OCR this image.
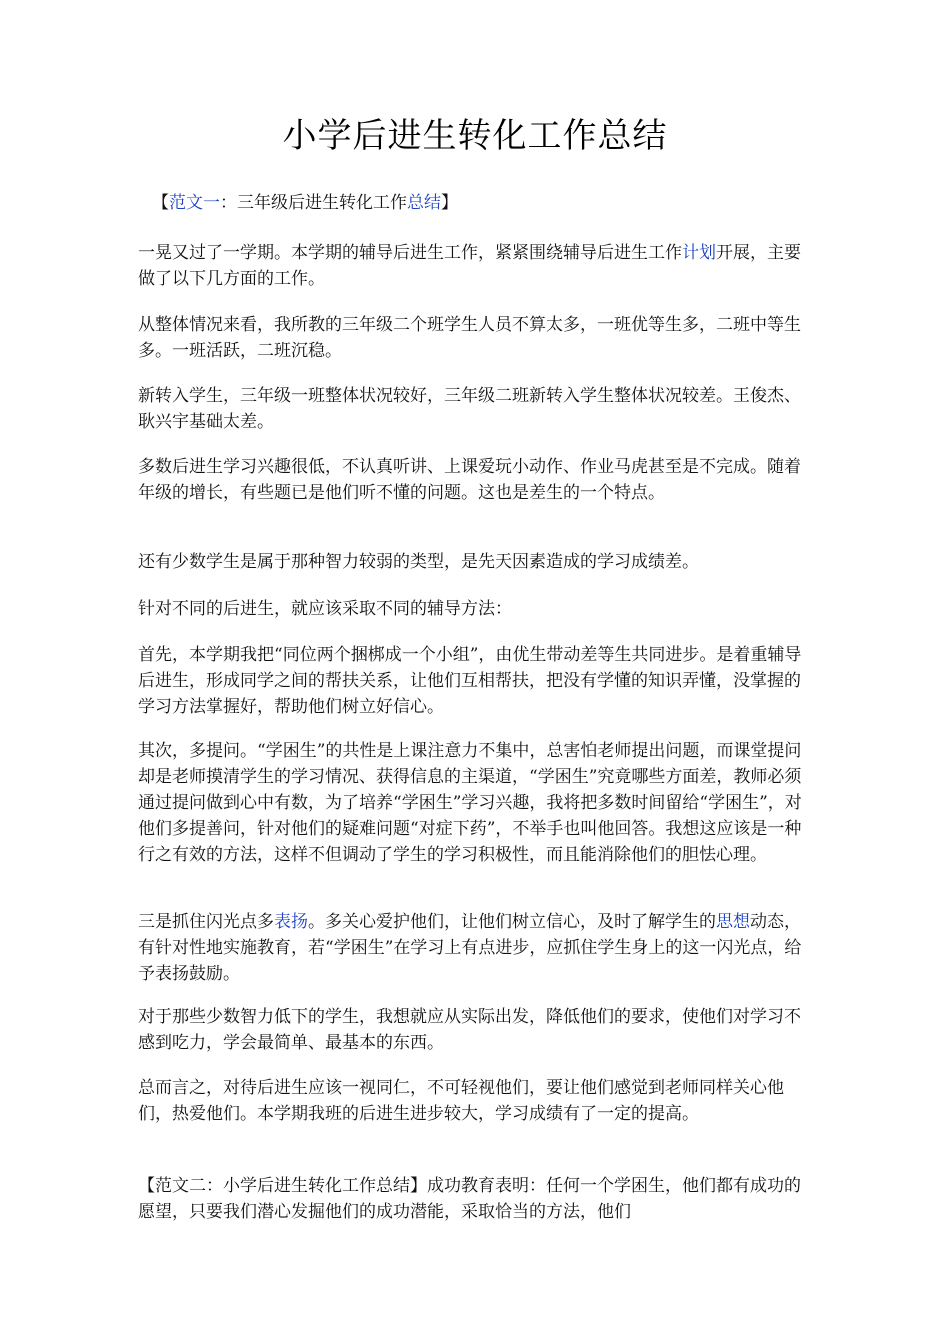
小学后进生转化工作总结

【范文一：三年级后进生转化工作总结】

一晃又过了一学期。本学期的辅导后进生工作，紧紧围绕辅导后进生工作计划开展，主要做了以下几方面的工作。

从整体情况来看，我所教的三年级二个班学生人员不算太多，一班优等生多，二班中等生多。一班活跃，二班沉稳。

新转入学生，三年级一班整体状况较好，三年级二班新转入学生整体状况较差。王俊杰、耿兴宇基础太差。

多数后进生学习兴趣很低，不认真听讲、上课爱玩小动作、作业马虎甚至是不完成。随着年级的增长，有些题已是他们听不懂的问题。这也是差生的一个特点。

还有少数学生是属于那种智力较弱的类型，是先天因素造成的学习成绩差。

针对不同的后进生，就应该采取不同的辅导方法：

首先，本学期我把“同位两个捆梆成一个小组”，由优生带动差等生共同进步。是着重辅导后进生，形成同学之间的帮扶关系，让他们互相帮扶，把没有学懂的知识弄懂，没掌握的学习方法掌握好，帮助他们树立好信心。

其次，多提问。“学困生”的共性是上课注意力不集中，总害怕老师提出问题，而课堂提问却是老师摸清学生的学习情况、获得信息的主渠道，“学困生”究竟哪些方面差，教师必须通过提问做到心中有数，为了培养“学困生”学习兴趣，我将把多数时间留给“学困生”，对他们多提善问，针对他们的疑难问题“对症下药”，不举手也叫他回答。我想这应该是一种行之有效的方法，这样不但调动了学生的学习积极性，而且能消除他们的胆怯心理。

三是抓住闪光点多表扬。多关心爱护他们，让他们树立信心，及时了解学生的思想动态，有针对性地实施教育，若“学困生”在学习上有点进步，应抓住学生身上的这一闪光点，给予表扬鼓励。

对于那些少数智力低下的学生，我想就应从实际出发，降低他们的要求，使他们对学习不感到吃力，学会最简单、最基本的东西。

总而言之，对待后进生应该一视同仁，不可轻视他们，要让他们感觉到老师同样关心他们，热爱他们。本学期我班的后进生进步较大，学习成绩有了一定的提高。

【范文二：小学后进生转化工作总结】成功教育表明：任何一个学困生，他们都有成功的愿望，只要我们潜心发掘他们的成功潜能，采取恰当的方法，他们
